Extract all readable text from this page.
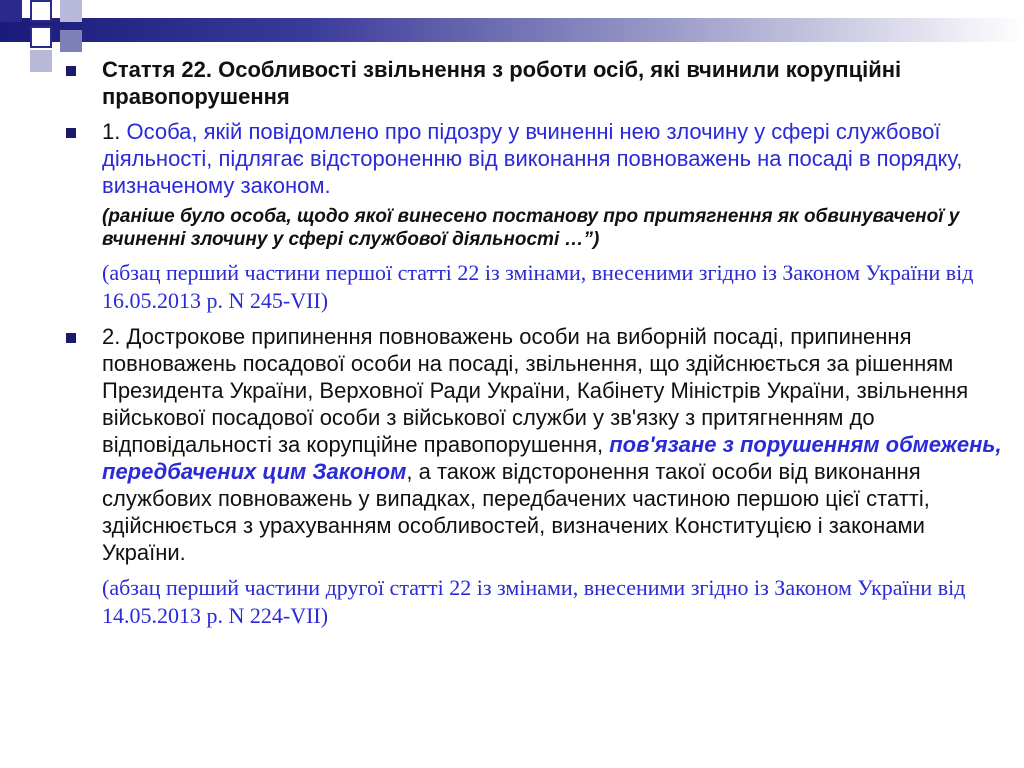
Стаття 22. Особливості звільнення з роботи осіб, які вчинили корупційні правопорушення

1. Особа, якій повідомлено про підозру у вчиненні нею злочину у сфері службової діяльності, підлягає відстороненню від виконання повноважень на посаді в порядку, визначеному законом.

(раніше було особа, щодо якої винесено постанову про притягнення як обвинуваченої у вчиненні злочину у сфері службової діяльності …”)

(абзац перший частини першої статті 22 із змінами, внесеними згідно із Законом України від 16.05.2013 р. N 245-VII)

2. Дострокове припинення повноважень особи на виборній посаді, припинення повноважень посадової особи на посаді, звільнення, що здійснюється за рішенням Президента України, Верховної Ради України, Кабінету Міністрів України, звільнення військової посадової особи з військової служби у зв'язку з притягненням до відповідальності за корупційне правопорушення, пов'язане з порушенням обмежень, передбачених цим Законом, а також відсторонення такої особи від виконання службових повноважень у випадках, передбачених частиною першою цієї статті, здійснюється з урахуванням особливостей, визначених Конституцією і законами України.

(абзац перший частини другої статті 22 із змінами, внесеними згідно із Законом України від 14.05.2013 р. N 224-VII)
